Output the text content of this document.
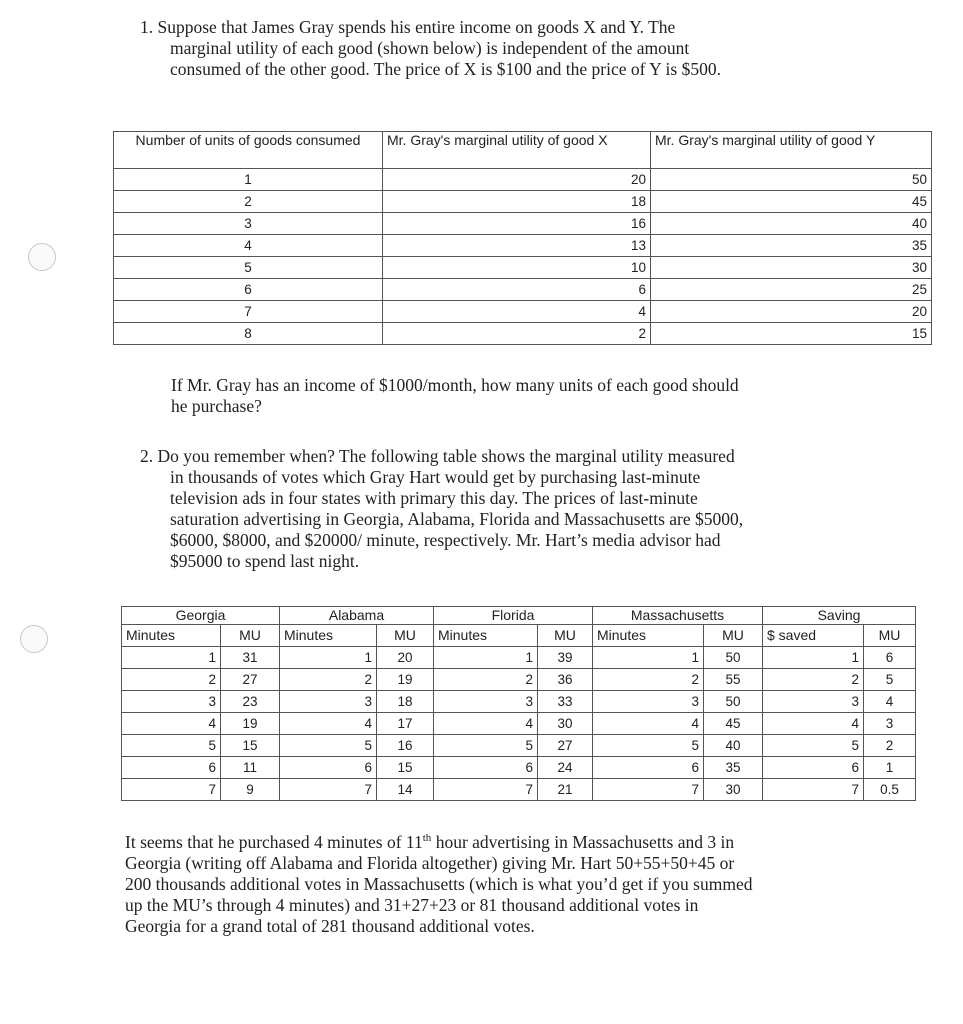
1. Suppose that James Gray spends his entire income on goods X and Y. The
marginal utility of each good (shown below) is independent of the amount
consumed of the other good. The price of X is $100 and the price of Y is $500.
Number of units of goods consumed	Mr. Gray's marginal utility of good X	Mr. Gray's marginal utility of good Y
1	20	50
2	18	45
3	16	40
4	13	35
5	10	30
6	6	25
7	4	20
8	2	15
If Mr. Gray has an income of $1000/month, how many units of each good should
he purchase?
2. Do you remember when? The following table shows the marginal utility measured
in thousands of votes which Gray Hart would get by purchasing last-minute
television ads in four states with primary this day. The prices of last-minute
saturation advertising in Georgia, Alabama, Florida and Massachusetts are $5000,
$6000, $8000, and $20000/ minute, respectively. Mr. Hart’s media advisor had
$95000 to spend last night.
Georgia		Alabama		Florida		Massachusetts		Saving	
Minutes	MU	Minutes	MU	Minutes	MU	Minutes	MU	$ saved	MU
1	31	1	20	1	39	1	50	1	6
2	27	2	19	2	36	2	55	2	5
3	23	3	18	3	33	3	50	3	4
4	19	4	17	4	30	4	45	4	3
5	15	5	16	5	27	5	40	5	2
6	11	6	15	6	24	6	35	6	1
7	9	7	14	7	21	7	30	7	0.5
It seems that he purchased 4 minutes of 11th hour advertising in Massachusetts and 3 in
Georgia (writing off Alabama and Florida altogether) giving Mr. Hart 50+55+50+45 or
200 thousands additional votes in Massachusetts (which is what you’d get if you summed
up the MU’s through 4 minutes) and 31+27+23 or 81 thousand additional votes in
Georgia for a grand total of 281 thousand additional votes.
